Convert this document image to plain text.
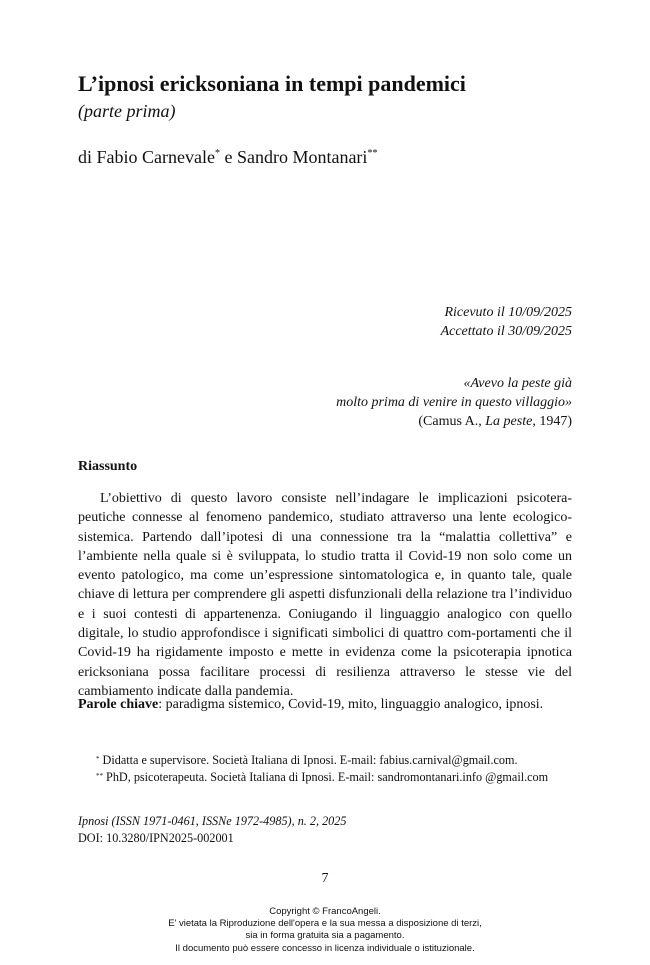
L’ipnosi ericksoniana in tempi pandemici
(parte prima)
di Fabio Carnevale* e Sandro Montanari**
Ricevuto il 10/09/2025
Accettato il 30/09/2025
«Avevo la peste già
molto prima di venire in questo villaggio»
(Camus A., La peste, 1947)
Riassunto

L’obiettivo di questo lavoro consiste nell’indagare le implicazioni psicotera-peutiche connesse al fenomeno pandemico, studiato attraverso una lente ecologico-sistemica. Partendo dall’ipotesi di una connessione tra la “malattia collettiva” e l’ambiente nella quale si è sviluppata, lo studio tratta il Covid-19 non solo come un evento patologico, ma come un’espressione sintomatologica e, in quanto tale, quale chiave di lettura per comprendere gli aspetti disfunzionali della relazione tra l’individuo e i suoi contesti di appartenenza. Coniugando il linguaggio analogico con quello digitale, lo studio approfondisce i significati simbolici di quattro com-portamenti che il Covid-19 ha rigidamente imposto e mette in evidenza come la psicoterapia ipnotica ericksoniana possa facilitare processi di resilienza attraverso le stesse vie del cambiamento indicate dalla pandemia.

Parole chiave: paradigma sistemico, Covid-19, mito, linguaggio analogico, ipnosi.

* Didatta e supervisore. Società Italiana di Ipnosi. E-mail: fabius.carnival@gmail.com.

** PhD, psicoterapeuta. Società Italiana di Ipnosi. E-mail: sandromontanari.info @gmail.com

Ipnosi (ISSN 1971-0461, ISSNe 1972-4985), n. 2, 2025
DOI: 10.3280/IPN2025-002001
7
Copyright © FrancoAngeli.
E' vietata la Riproduzione dell'opera e la sua messa a disposizione di terzi,
sia in forma gratuita sia a pagamento.
Il documento può essere concesso in licenza individuale o istituzionale.
